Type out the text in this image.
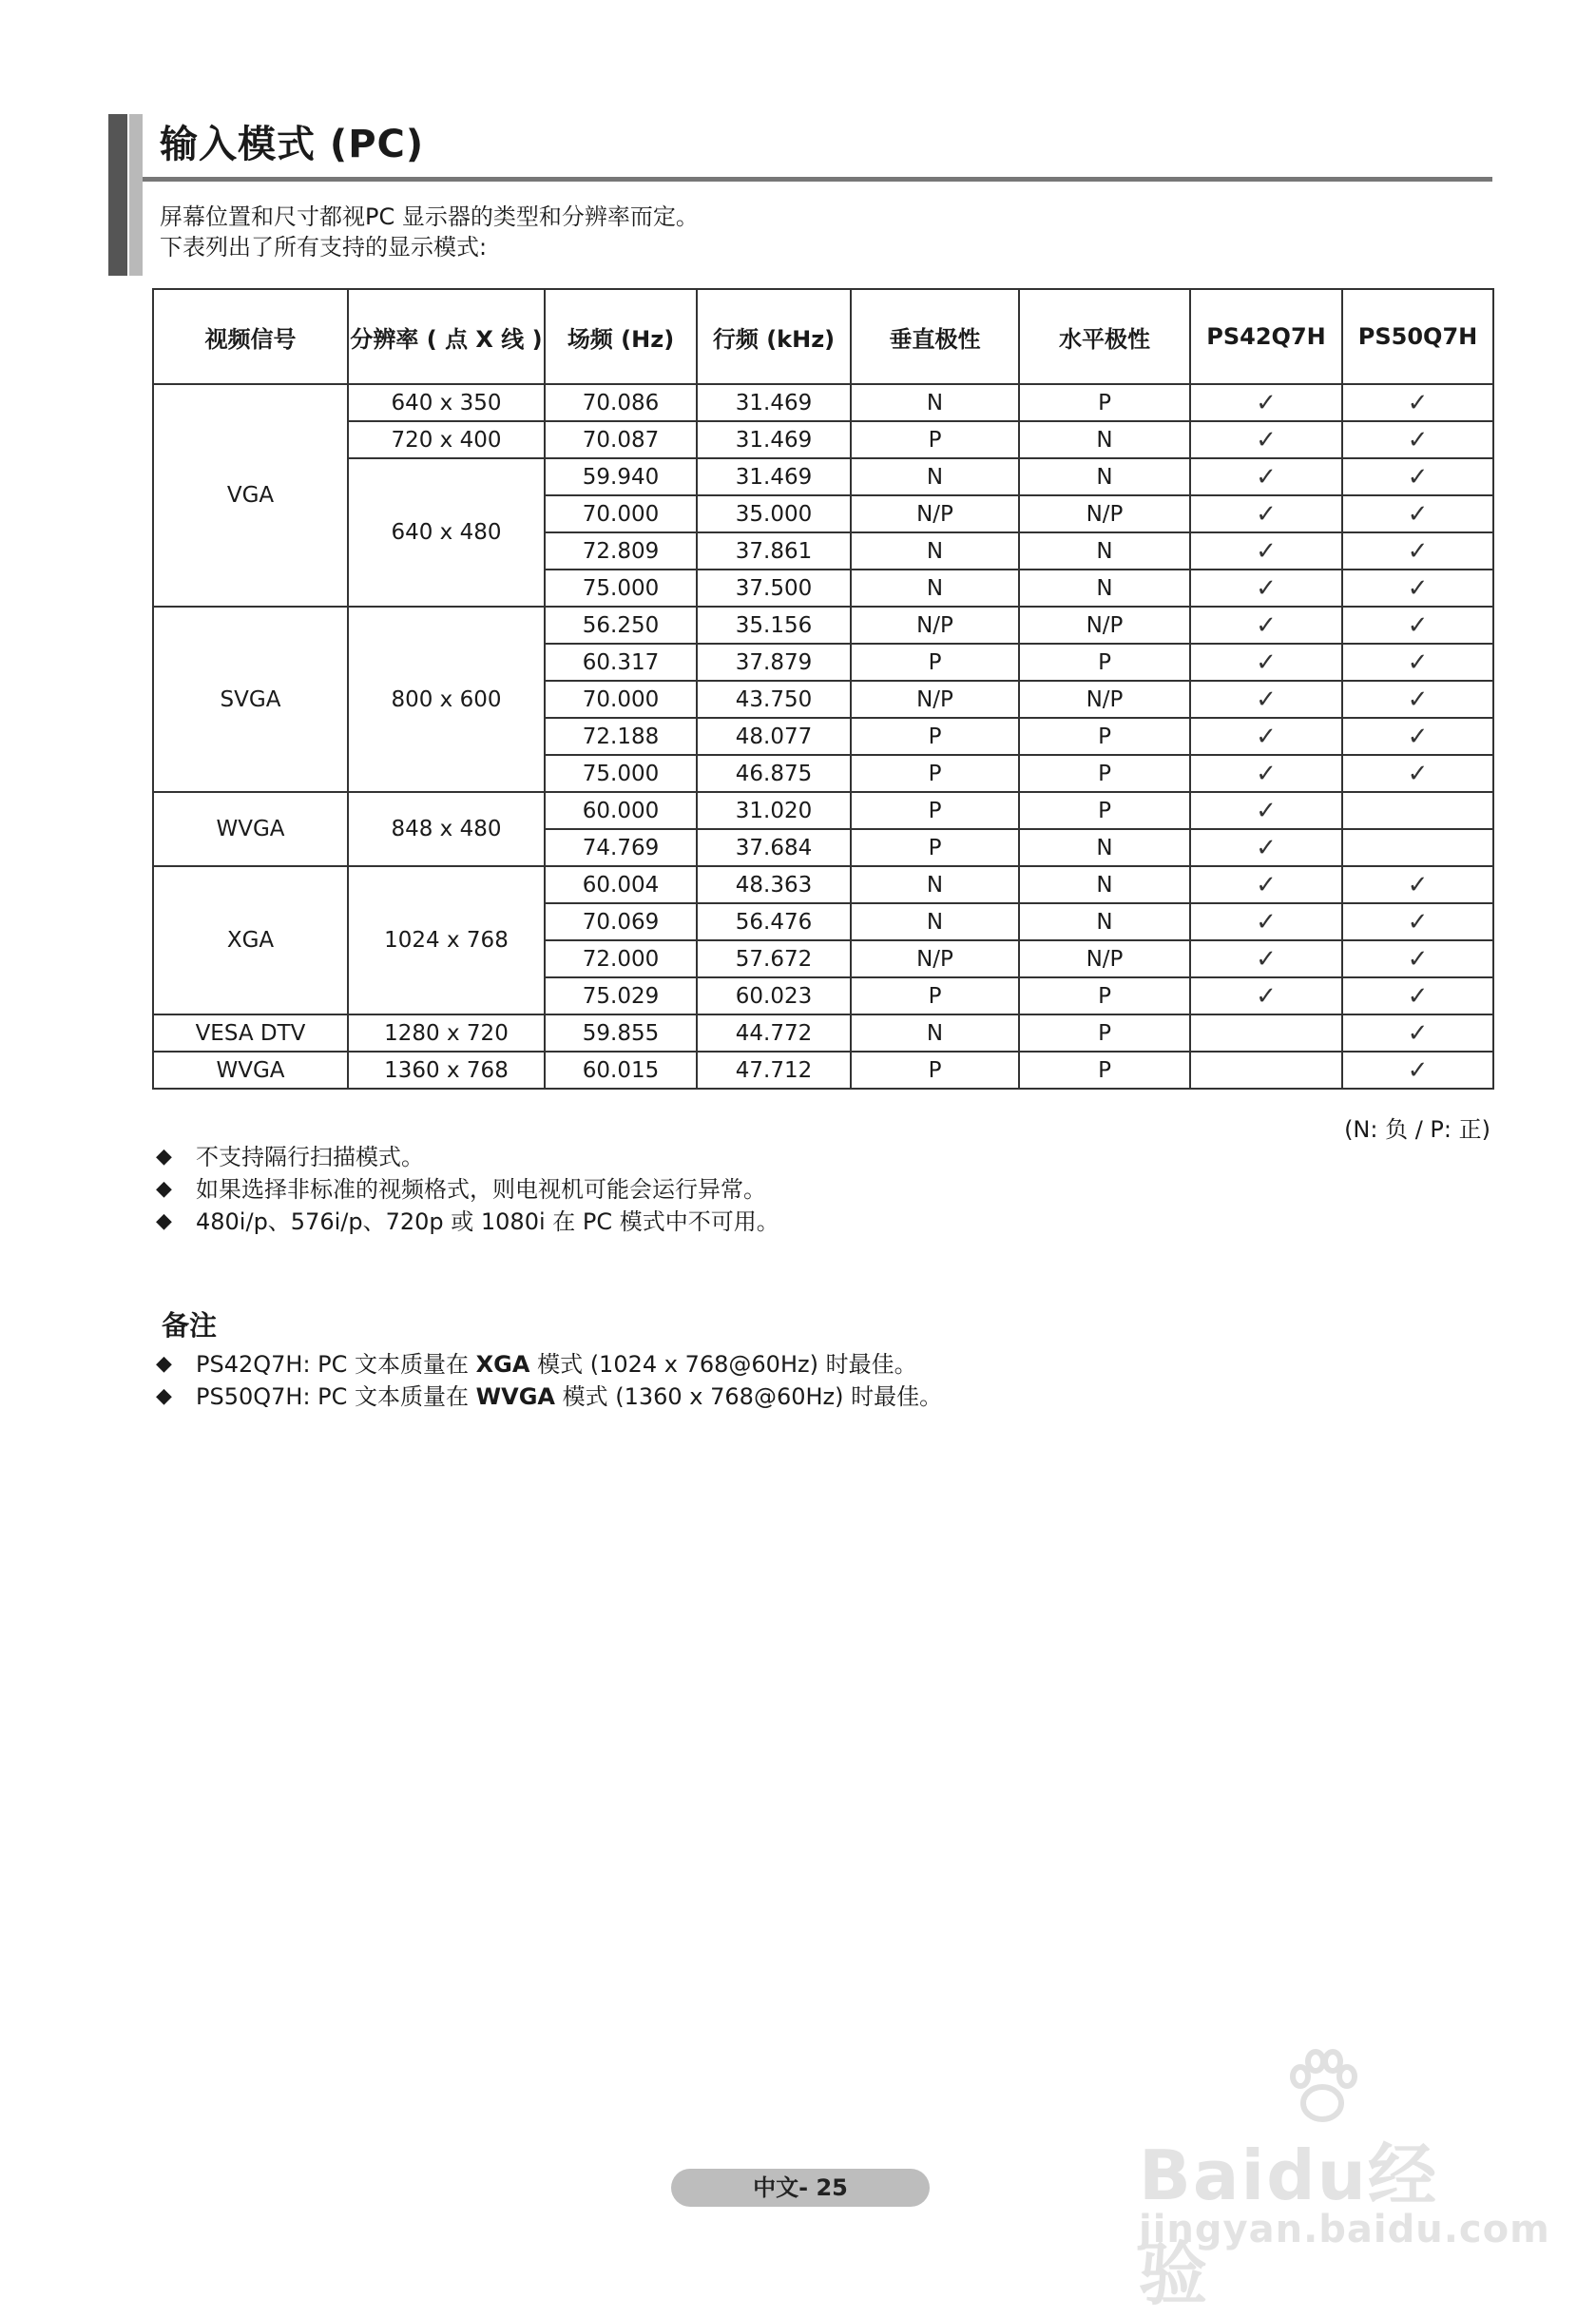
输入模式 (PC)

屏幕位置和尺寸都视PC 显示器的类型和分辨率而定。

下表列出了所有支持的显示模式:

视频信号	分辨率 ( 点 X 线 )	场频 (Hz)	行频 (kHz)	垂直极性	水平极性	PS42Q7H	PS50Q7H
VGA	640 x 350	70.086	31.469	N	P	✓	✓
	720 x 400	70.087	31.469	P	N	✓	✓
	640 x 480	59.940	31.469	N	N	✓	✓
		70.000	35.000	N/P	N/P	✓	✓
		72.809	37.861	N	N	✓	✓
		75.000	37.500	N	N	✓	✓
SVGA	800 x 600	56.250	35.156	N/P	N/P	✓	✓
		60.317	37.879	P	P	✓	✓
		70.000	43.750	N/P	N/P	✓	✓
		72.188	48.077	P	P	✓	✓
		75.000	46.875	P	P	✓	✓
WVGA	848 x 480	60.000	31.020	P	P	✓	
		74.769	37.684	P	N	✓	
XGA	1024 x 768	60.004	48.363	N	N	✓	✓
		70.069	56.476	N	N	✓	✓
		72.000	57.672	N/P	N/P	✓	✓
		75.029	60.023	P	P	✓	✓
VESA DTV	1280 x 720	59.855	44.772	N	P		✓
WVGA	1360 x 768	60.015	47.712	P	P		✓
(N: 负 / P: 正)
◆ 不支持隔行扫描模式。
◆ 如果选择非标准的视频格式，则电视机可能会运行异常。
◆ 480i/p、576i/p、720p 或 1080i 在 PC 模式中不可用。
备注
◆ PS42Q7H: PC 文本质量在 XGA 模式 (1024 x 768@60Hz) 时最佳。
◆ PS50Q7H: PC 文本质量在 WVGA 模式 (1360 x 768@60Hz) 时最佳。
中文- 25	Baidu经验
jingyan.baidu.com
